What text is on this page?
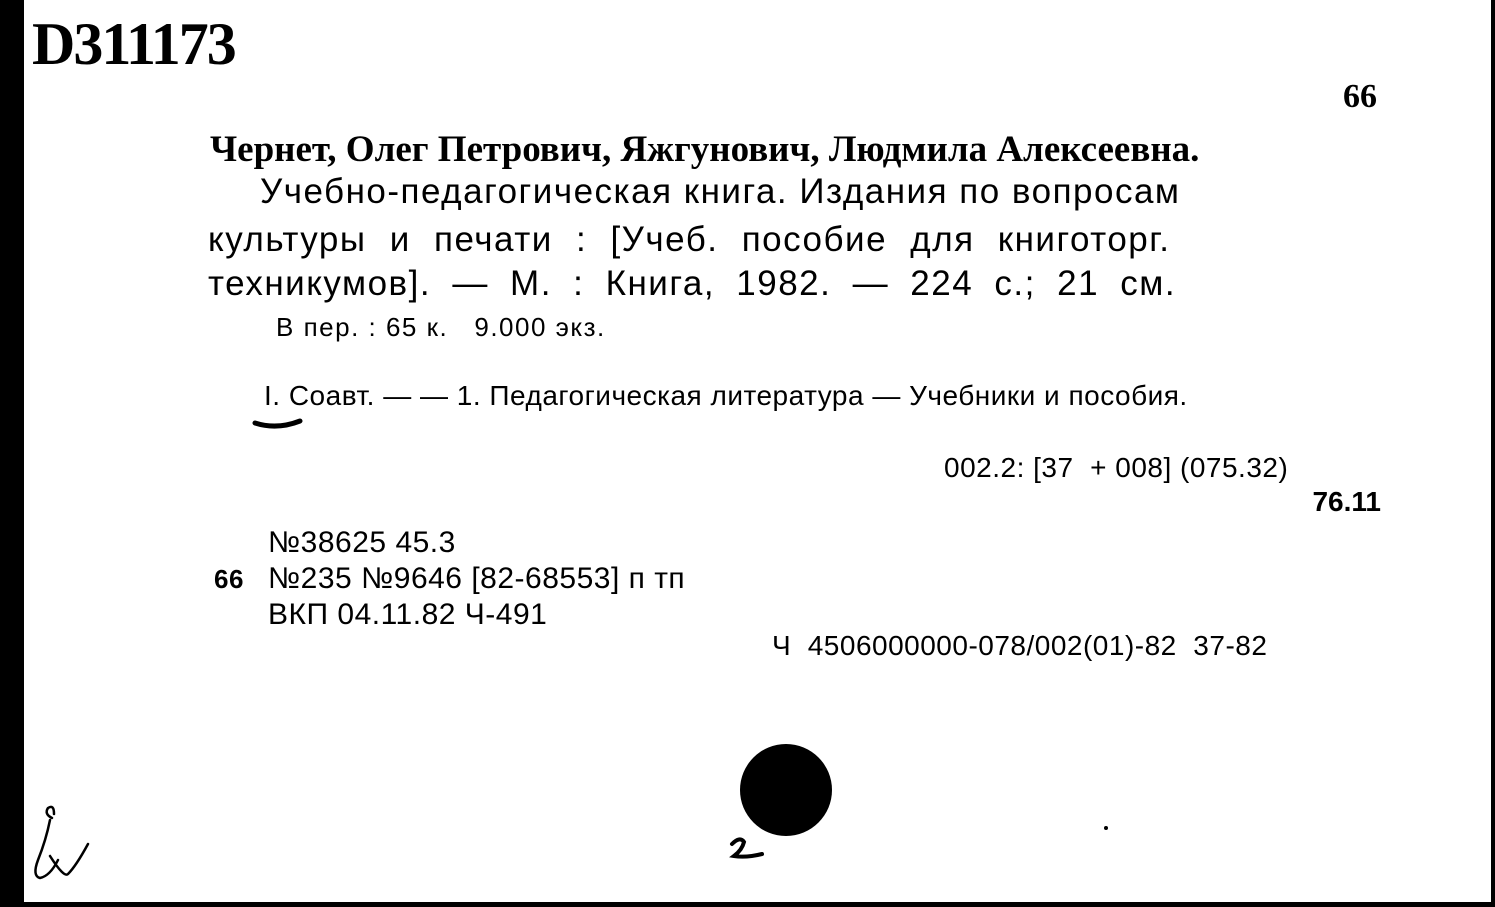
D311173
66
Чернет, Олег Петрович, Яжгунович, Людмила Алексеевна.
Учебно-педагогическая книга. Издания по вопросам
культуры и печати : [Учеб. пособие для книготорг.
техникумов]. — М. : Книга, 1982. — 224 с.; 21 см.
В пер. : 65 к.   9.000 экз.
I. Соавт. — — 1. Педагогическая литература — Учебники и пособия.
002.2: [37  + 008] (075.32)
76.11
№38625 45.3
66 №235 №9646 [82-68553] п тп
ВКП 04.11.82 Ч-491
Ч  4506000000-078/002(01)-82  37-82
